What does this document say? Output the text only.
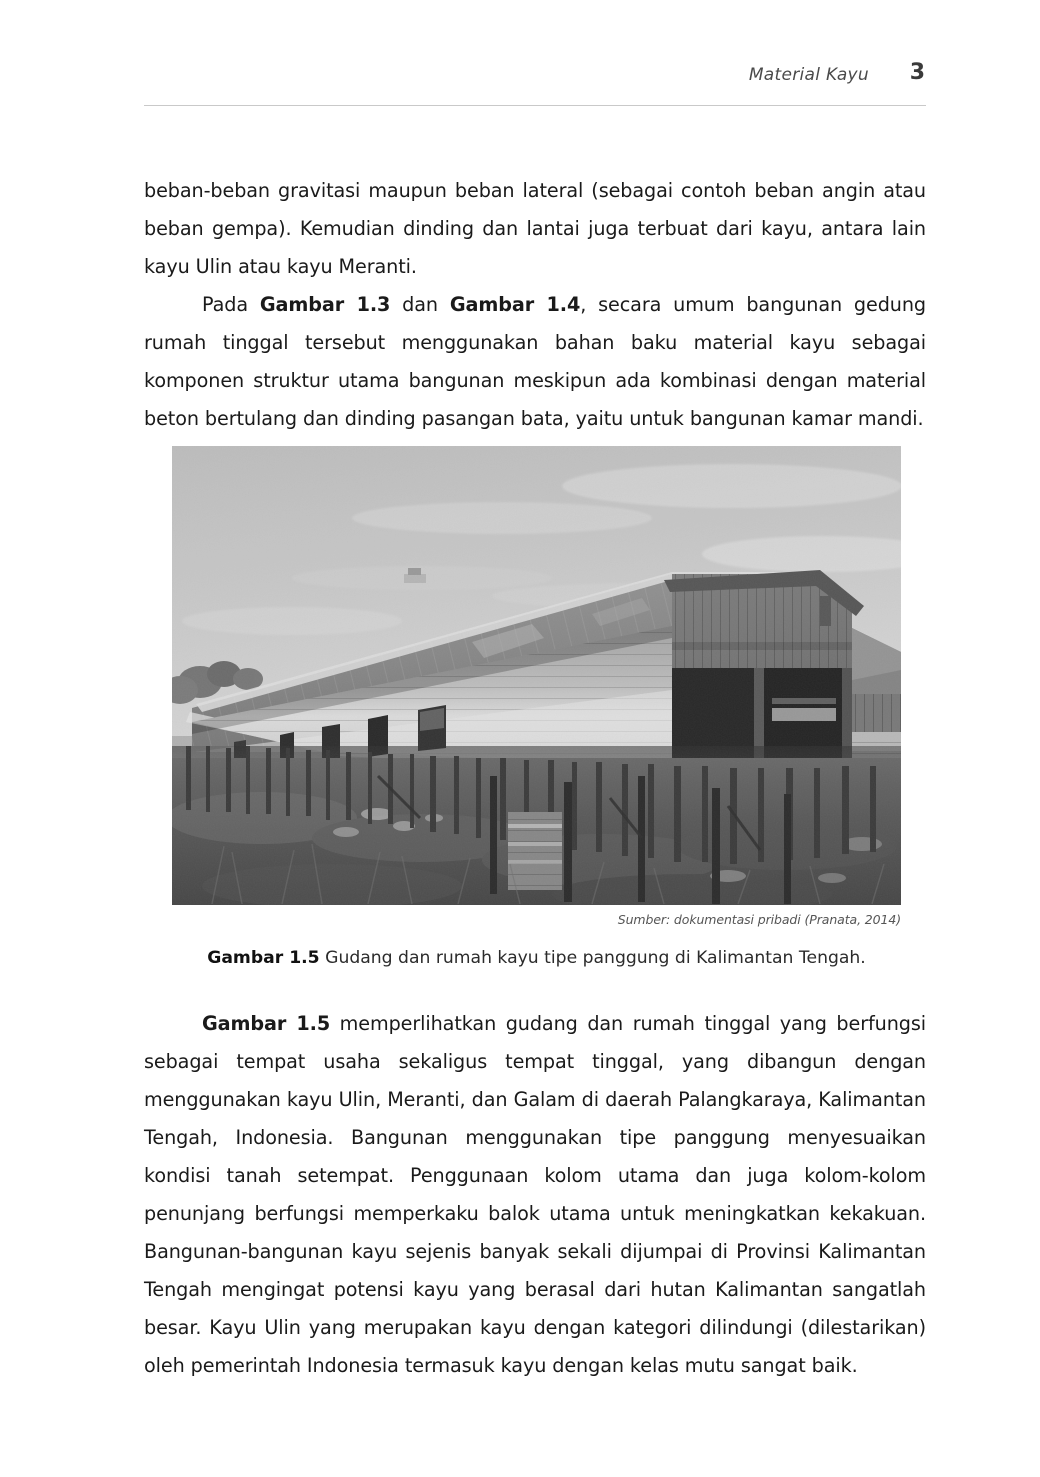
Material Kayu 3

beban-beban gravitasi maupun beban lateral (sebagai contoh beban angin atau beban gempa). Kemudian dinding dan lantai juga terbuat dari kayu, antara lain kayu Ulin atau kayu Meranti.

Pada Gambar 1.3 dan Gambar 1.4, secara umum bangunan gedung rumah tinggal tersebut menggunakan bahan baku material kayu sebagai komponen struktur utama bangunan meskipun ada kombinasi dengan material beton bertulang dan dinding pasangan bata, yaitu untuk bangunan kamar mandi.

Sumber: dokumentasi pribadi (Pranata, 2014)
Gambar 1.5 Gudang dan rumah kayu tipe panggung di Kalimantan Tengah.

Gambar 1.5 memperlihatkan gudang dan rumah tinggal yang berfungsi sebagai tempat usaha sekaligus tempat tinggal, yang dibangun dengan menggunakan kayu Ulin, Meranti, dan Galam di daerah Palangkaraya, Kalimantan Tengah, Indonesia. Bangunan menggunakan tipe panggung menyesuaikan kondisi tanah setempat. Penggunaan kolom utama dan juga kolom-kolom penunjang berfungsi memperkaku balok utama untuk meningkatkan kekakuan. Bangunan-bangunan kayu sejenis banyak sekali dijumpai di Provinsi Kalimantan Tengah mengingat potensi kayu yang berasal dari hutan Kalimantan sangatlah besar. Kayu Ulin yang merupakan kayu dengan kategori dilindungi (dilestarikan) oleh pemerintah Indonesia termasuk kayu dengan kelas mutu sangat baik.
